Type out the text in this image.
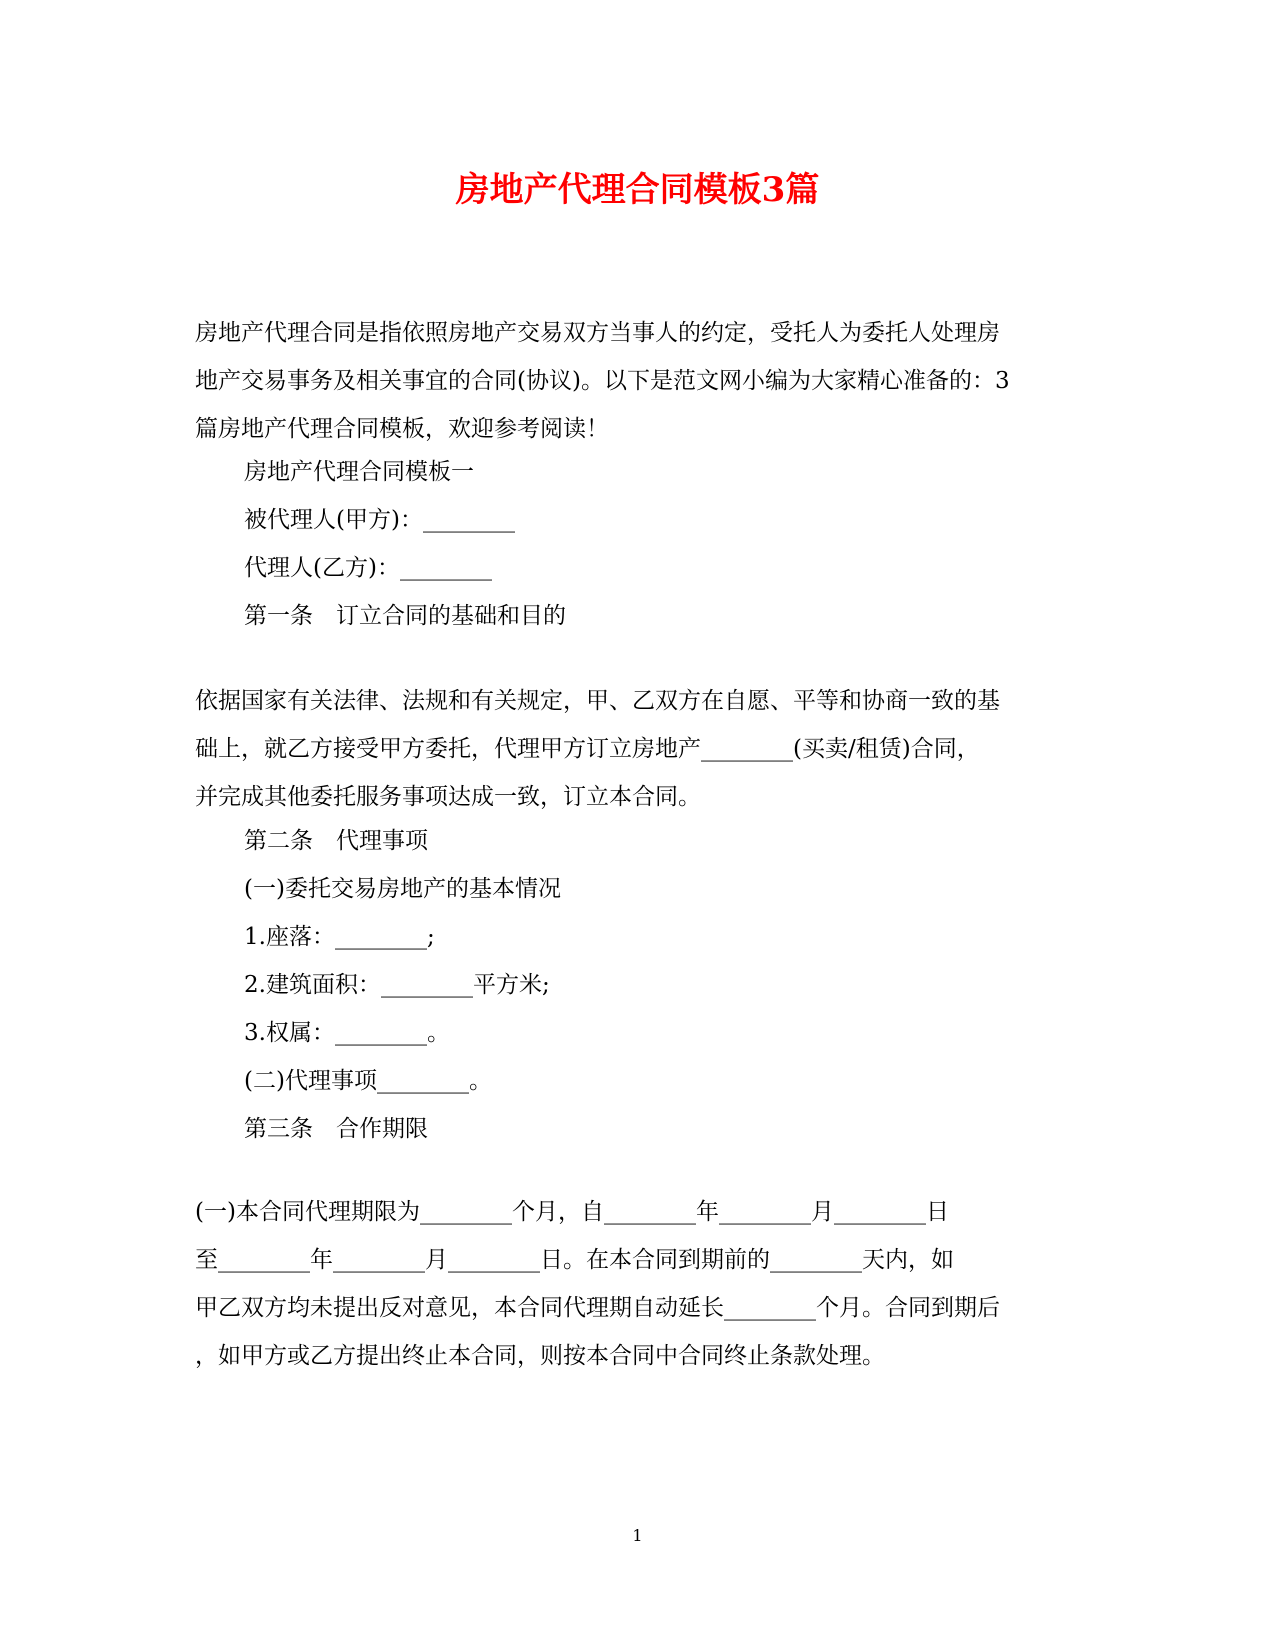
房地产代理合同模板3篇
房地产代理合同是指依照房地产交易双方当事人的约定，受托人为委托人处理房
地产交易事务及相关事宜的合同(协议)。以下是范文网小编为大家精心准备的：3
篇房地产代理合同模板，欢迎参考阅读！
房地产代理合同模板一
被代理人(甲方)：________
代理人(乙方)：________
第一条　订立合同的基础和目的
依据国家有关法律、法规和有关规定，甲、乙双方在自愿、平等和协商一致的基
础上，就乙方接受甲方委托，代理甲方订立房地产________(买卖/租赁)合同，
并完成其他委托服务事项达成一致，订立本合同。
第二条　代理事项
(一)委托交易房地产的基本情况
1.座落：________;
2.建筑面积：________平方米;
3.权属：________。
(二)代理事项________。
第三条　合作期限
(一)本合同代理期限为________个月，自________年________月________日
至________年________月________日。在本合同到期前的________天内，如
甲乙双方均未提出反对意见，本合同代理期自动延长________个月。合同到期后
，如甲方或乙方提出终止本合同，则按本合同中合同终止条款处理。
1
